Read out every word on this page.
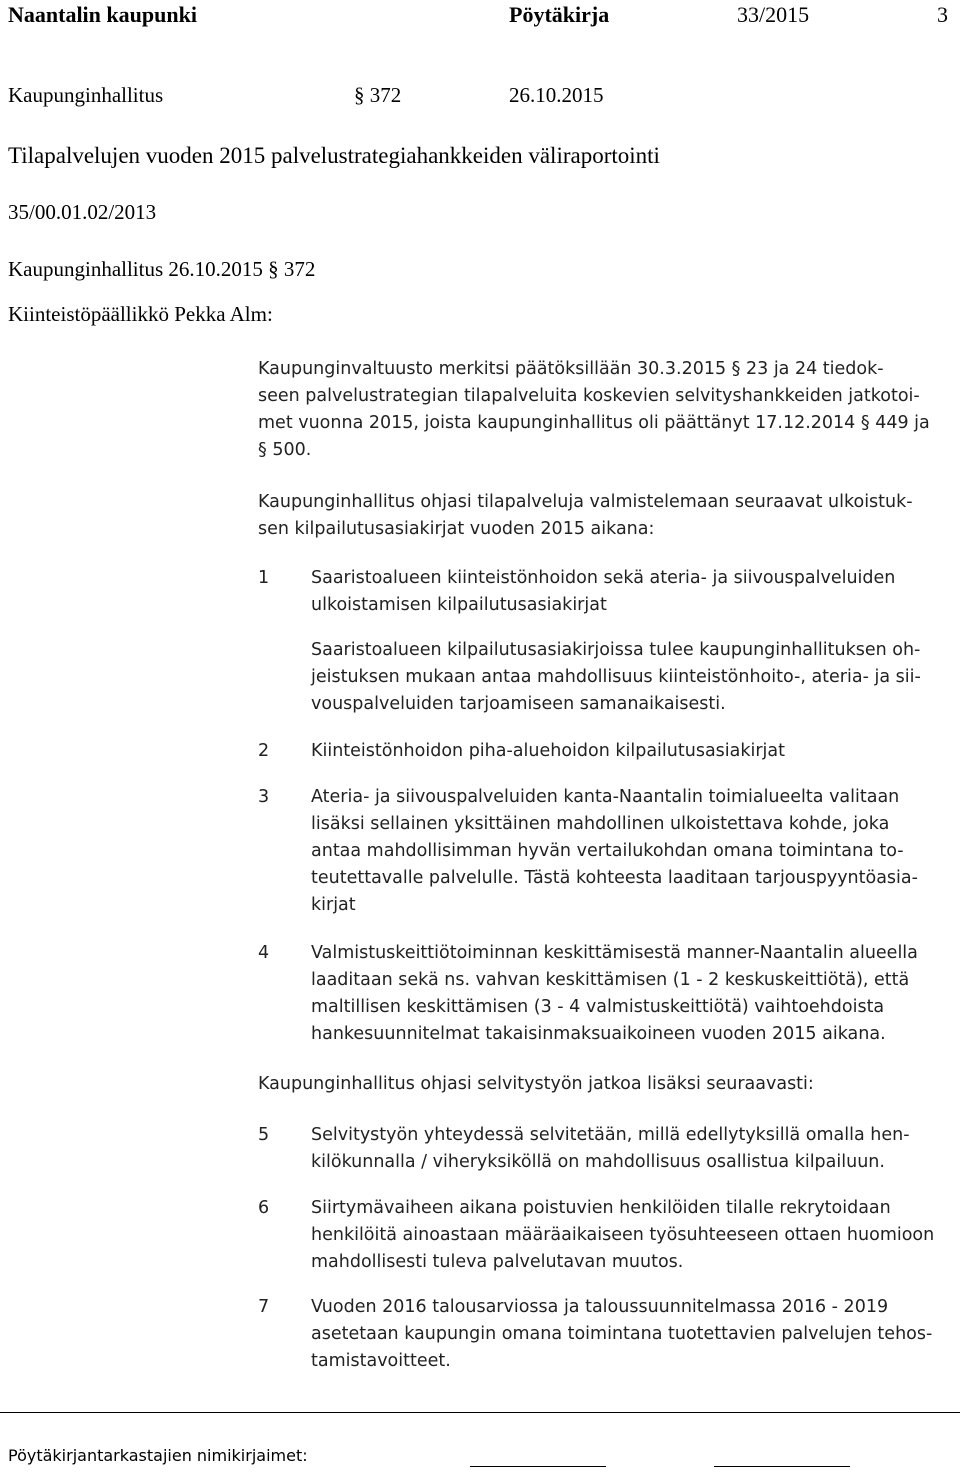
Naantalin kaupunki	Pöytäkirja	33/2015	3
Kaupunginhallitus	§ 372	26.10.2015
Tilapalvelujen vuoden 2015 palvelustrategiahankkeiden väliraportointi
35/00.01.02/2013
Kaupunginhallitus 26.10.2015 § 372
Kiinteistöpäällikkö Pekka Alm:
Kaupunginvaltuusto merkitsi päätöksillään 30.3.2015 § 23 ja 24 tiedok-
seen palvelustrategian tilapalveluita koskevien selvityshankkeiden jatkotoi-
met vuonna 2015, joista kaupunginhallitus oli päättänyt 17.12.2014 § 449 ja
§ 500.
Kaupunginhallitus ohjasi tilapalveluja valmistelemaan seuraavat ulkoistuk-
sen kilpailutusasiakirjat vuoden 2015 aikana:
1 Saaristoalueen kiinteistönhoidon sekä ateria- ja siivouspalveluiden
ulkoistamisen kilpailutusasiakirjat
Saaristoalueen kilpailutusasiakirjoissa tulee kaupunginhallituksen oh-
jeistuksen mukaan antaa mahdollisuus kiinteistönhoito-, ateria- ja sii-
vouspalveluiden tarjoamiseen samanaikaisesti.
2 Kiinteistönhoidon piha-aluehoidon kilpailutusasiakirjat
3 Ateria- ja siivouspalveluiden kanta-Naantalin toimialueelta valitaan
lisäksi sellainen yksittäinen mahdollinen ulkoistettava kohde, joka
antaa mahdollisimman hyvän vertailukohdan omana toimintana to-
teutettavalle palvelulle. Tästä kohteesta laaditaan tarjouspyyntöasia-
kirjat
4 Valmistuskeittiötoiminnan keskittämisestä manner-Naantalin alueella
laaditaan sekä ns. vahvan keskittämisen (1 - 2 keskuskeittiötä), että
maltillisen keskittämisen (3 - 4 valmistuskeittiötä) vaihtoehdoista
hankesuunnitelmat takaisinmaksuaikoineen vuoden 2015 aikana.
Kaupunginhallitus ohjasi selvitystyön jatkoa lisäksi seuraavasti:
5 Selvitystyön yhteydessä selvitetään, millä edellytyksillä omalla hen-
kilökunnalla / viheryksiköllä on mahdollisuus osallistua kilpailuun.
6 Siirtymävaiheen aikana poistuvien henkilöiden tilalle rekrytoidaan
henkilöitä ainoastaan määräaikaiseen työsuhteeseen ottaen huomioon
mahdollisesti tuleva palvelutavan muutos.
7 Vuoden 2016 talousarviossa ja taloussuunnitelmassa 2016 - 2019
asetetaan kaupungin omana toimintana tuotettavien palvelujen tehos-
tamistavoitteet.
Pöytäkirjantarkastajien nimikirjaimet:
